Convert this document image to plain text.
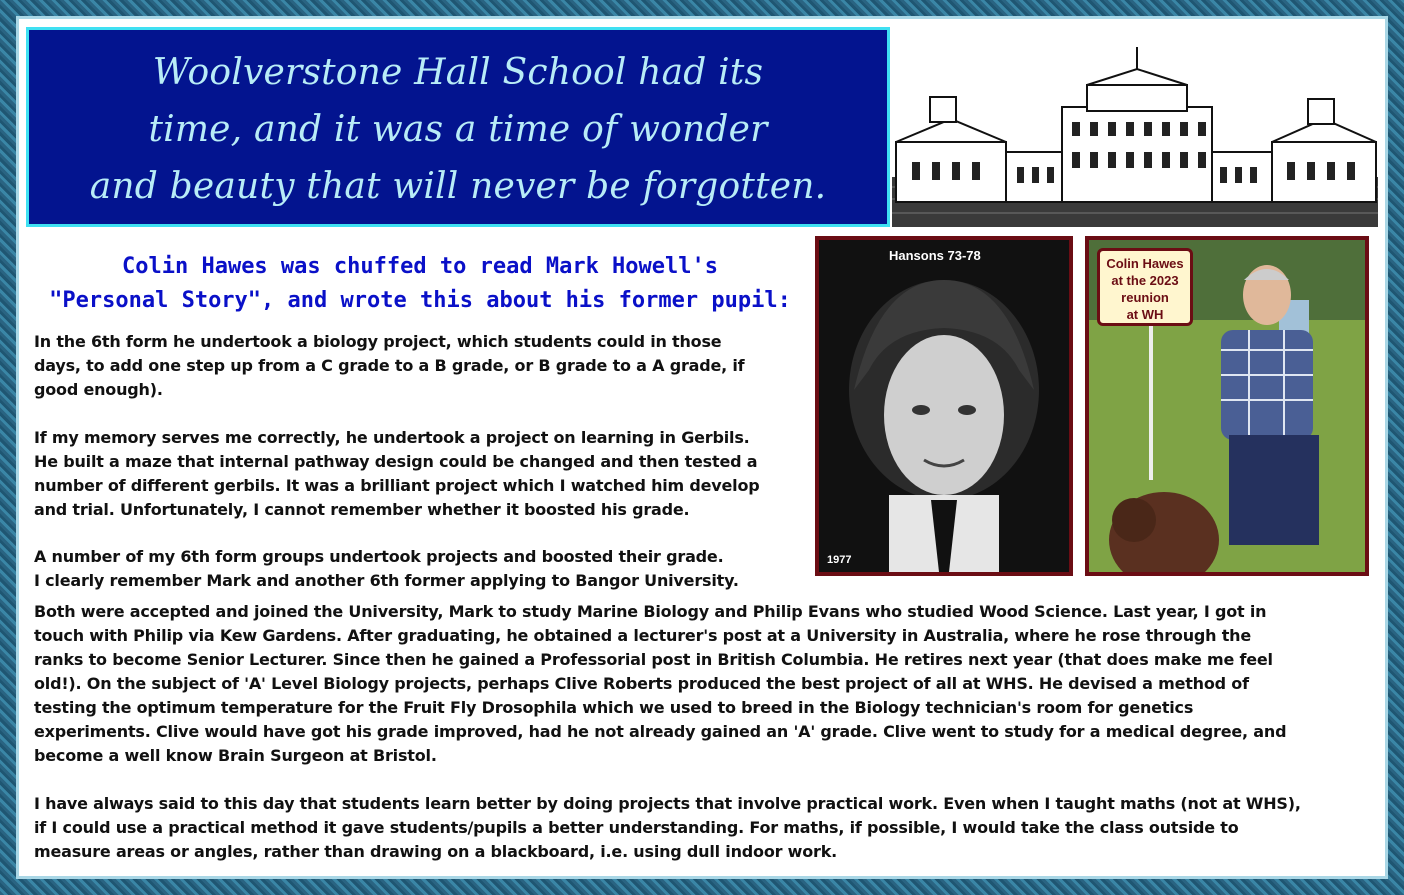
Woolverstone Hall School had its
time, and it was a time of wonder
and beauty that will never be forgotten.
Colin Hawes was chuffed to read Mark Howell's
"Personal Story", and wrote this about his former pupil:

In the 6th form he undertook a biology project, which students could in those
days, to add one step up from a C grade to a B grade, or B grade to a A grade, if
good enough).

If my memory serves me correctly, he undertook a project on learning in Gerbils.
He built a maze that internal pathway design could be changed and then tested a
number of different gerbils. It was a brilliant project which I watched him develop
and trial. Unfortunately, I cannot remember whether it boosted his grade.

A number of my 6th form groups undertook projects and boosted their grade.
I clearly remember Mark and another 6th former applying to Bangor University.

Both were accepted and joined the University, Mark to study Marine Biology and Philip Evans who studied Wood Science. Last year, I got in
touch with Philip via Kew Gardens. After graduating, he obtained a lecturer's post at a University in Australia, where he rose through the
ranks to become Senior Lecturer. Since then he gained a Professorial post in British Columbia. He retires next year (that does make me feel
old!). On the subject of 'A' Level Biology projects, perhaps Clive Roberts produced the best project of all at WHS. He devised a method of
testing the optimum temperature for the Fruit Fly Drosophila which we used to breed in the Biology technician's room for genetics
experiments. Clive would have got his grade improved, had he not already gained an 'A' grade. Clive went to study for a medical degree, and
become a well know Brain Surgeon at Bristol.

I have always said to this day that students learn better by doing projects that involve practical work. Even when I taught maths (not at WHS),
if I could use a practical method it gave students/pupils a better understanding. For maths, if possible, I would take the class outside to
measure areas or angles, rather than drawing on a blackboard, i.e. using dull indoor work.

Hansons 73-78
1977
Colin Hawes
at the 2023
reunion
at WH
